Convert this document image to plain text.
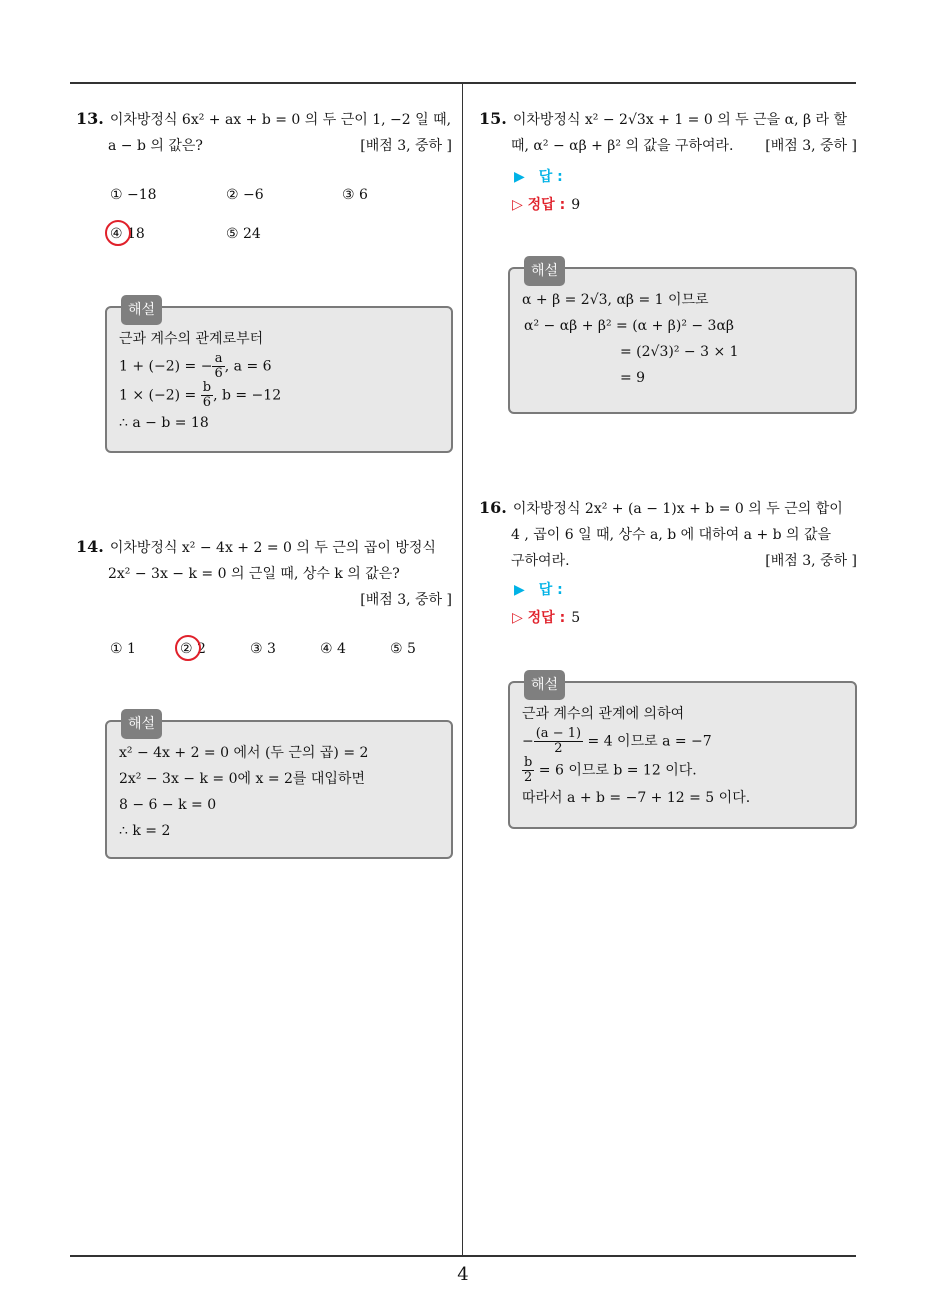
4
13. 이차방정식 6x² + ax + b = 0 의 두 근이 1, −2 일 때,
a − b 의 값은?	[배점 3, 중하 ]
① −18	② −6	③ 6
④ 18	⑤ 24
해설
근과 계수의 관계로부터
1 + (−2) = − $\frac{a}{6}$ , a = 6
$1 \times (-2) = \frac{b}{6}$ , b = −12
∴ a − b = 18
14. 이차방정식 x² − 4x + 2 = 0 의 두 근의 곱이 방정식
2x² − 3x − k = 0 의 근일 때, 상수 k 의 값은?
[배점 3, 중하 ]
① 1	② 2	③ 3	④ 4	⑤ 5
해설
x² − 4x + 2 = 0 에서 (두 근의 곱) = 2
2x² − 3x − k = 0에 x = 2를 대입하면
8 − 6 − k = 0
∴ k = 2
15. 이차방정식 x² − 2√3x + 1 = 0 의 두 근을 α, β 라 할
때, α² − αβ + β² 의 값을 구하여라. [배점 3, 중하 ]
▶ 답 :
▷ 정답 : 9
해설
α + β = 2√3, αβ = 1 이므로
α² − αβ + β² = (α + β)² − 3αβ
= (2√3)² − 3 × 1
= 9
16. 이차방정식 2x² + (a − 1)x + b = 0 의 두 근의 합이
4 , 곱이 6 일 때, 상수 a, b 에 대하여 a + b 의 값을
구하여라.	[배점 3, 중하 ]
▶ 답 :
▷ 정답 : 5
해설
근과 계수의 관계에 의하여
− $\frac{(a - 1)}{2} = 4$ 이므로 a = −7
$\frac{b}{2} = 6$ 이므로 b = 12 이다.
따라서 a + b = −7 + 12 = 5 이다.
